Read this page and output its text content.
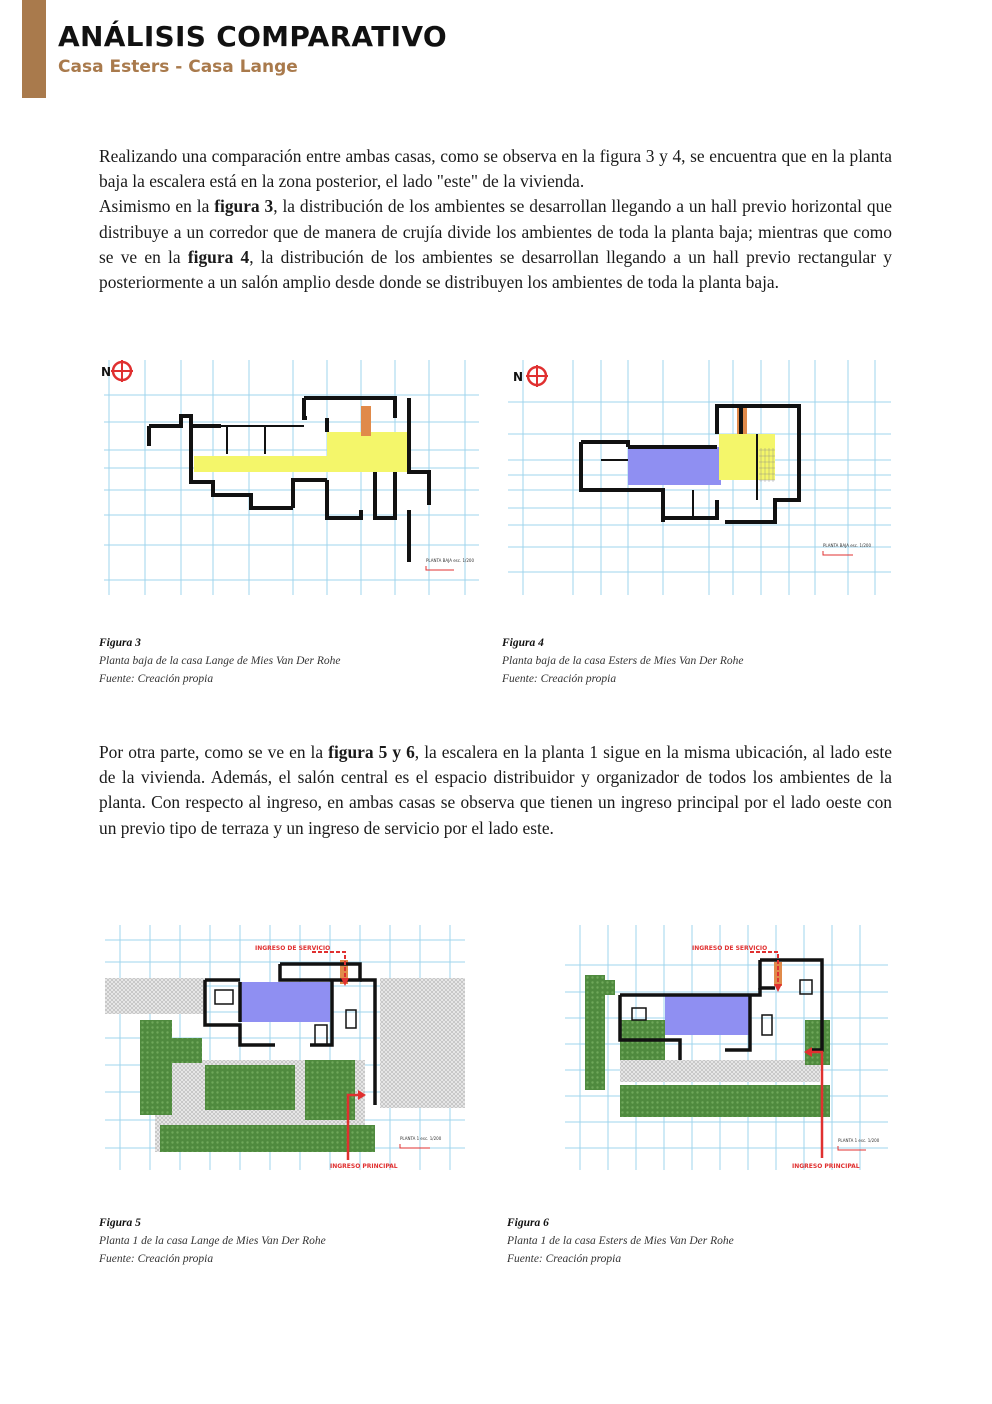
ANÁLISIS COMPARATIVO
Casa Esters - Casa Lange
Realizando una comparación entre ambas casas, como se observa en la figura 3 y 4, se encuentra que en la planta baja la escalera está en la zona posterior, el lado "este" de la vivienda.
Asimismo en la figura 3, la distribución de los ambientes se desarrollan llegando a un hall previo horizontal que distribuye a un corredor que de manera de crujía divide los ambientes de toda la planta baja; mientras que como se ve en la figura 4, la distribución de los ambientes se desarrollan llegando a un hall previo rectangular y posteriormente a un salón amplio desde donde se distribuyen los ambientes de toda la planta baja.
N
PLANTA BAJA esc. 1/200
N
PLANTA BAJA esc. 1/200
Figura 3
Planta baja de la casa Lange de Mies Van Der Rohe
Fuente: Creación propia
Figura 4
Planta baja de la casa Esters de Mies Van Der Rohe
Fuente: Creación propia
Por otra parte, como se ve en la figura 5 y 6, la escalera en la planta 1 sigue en la misma ubicación, al lado este de la vivienda. Además, el salón central es el espacio distribuidor y organizador de todos los ambientes de la planta. Con respecto al ingreso, en ambas casas se observa que tienen un ingreso principal por el lado oeste con un previo tipo de terraza y un ingreso de servicio por el lado este.
INGRESO DE SERVICIO
INGRESO PRINCIPAL
PLANTA 1 esc. 1/200
INGRESO DE SERVICIO
INGRESO PRINCIPAL
PLANTA 1 esc. 1/200
Figura 5
Planta 1 de la casa Lange de Mies Van Der Rohe
Fuente: Creación propia
Figura 6
Planta 1 de la casa Esters de Mies Van Der Rohe
Fuente: Creación propia
